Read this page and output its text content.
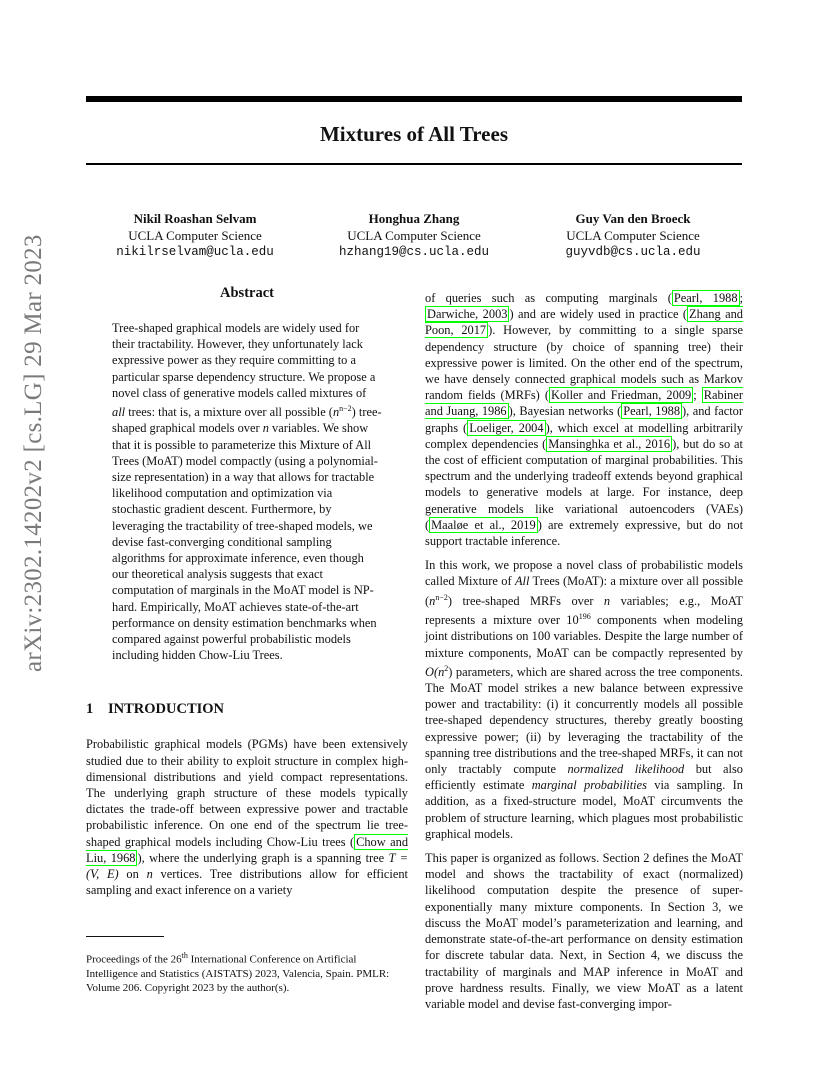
arXiv:2302.14202v2 [cs.LG] 29 Mar 2023
Mixtures of All Trees
Nikil Roashan Selvam
UCLA Computer Science
nikilrselvam@ucla.edu
Honghua Zhang
UCLA Computer Science
hzhang19@cs.ucla.edu
Guy Van den Broeck
UCLA Computer Science
guyvdb@cs.ucla.edu
Abstract
Tree-shaped graphical models are widely used for their tractability. However, they unfortunately lack expressive power as they require committing to a particular sparse dependency structure. We propose a novel class of generative models called mixtures of all trees: that is, a mixture over all possible $(n^{n-2})$ tree-shaped graphical models over n variables. We show that it is possible to parameterize this Mixture of All Trees (MoAT) model compactly (using a polynomial-size representation) in a way that allows for tractable likelihood computation and optimization via stochastic gradient descent. Furthermore, by leveraging the tractability of tree-shaped models, we devise fast-converging conditional sampling algorithms for approximate inference, even though our theoretical analysis suggests that exact computation of marginals in the MoAT model is NP-hard. Empirically, MoAT achieves state-of-the-art performance on density estimation benchmarks when compared against powerful probabilistic models including hidden Chow-Liu Trees.
1 INTRODUCTION

Probabilistic graphical models (PGMs) have been extensively studied due to their ability to exploit structure in complex high-dimensional distributions and yield compact representations. The underlying graph structure of these models typically dictates the trade-off between expressive power and tractable probabilistic inference. On one end of the spectrum lie tree-shaped graphical models including Chow-Liu trees ( Chow and Liu, 1968 ), where the underlying graph is a spanning tree T = (V, E) on n vertices. Tree distributions allow for efficient sampling and exact inference on a variety

of queries such as computing marginals ( Pearl, 1988 ; Darwiche, 2003 ) and are widely used in practice ( Zhang and Poon, 2017 ). However, by committing to a single sparse dependency structure (by choice of spanning tree) their expressive power is limited. On the other end of the spectrum, we have densely connected graphical models such as Markov random fields (MRFs) ( Koller and Friedman, 2009 ; Rabiner and Juang, 1986 ), Bayesian networks ( Pearl, 1988 ), and factor graphs ( Loeliger, 2004 ), which excel at modelling arbitrarily complex dependencies ( Mansinghka et al., 2016 ), but do so at the cost of efficient computation of marginal probabilities. This spectrum and the underlying tradeoff extends beyond graphical models to generative models at large. For instance, deep generative models like variational autoencoders (VAEs) ( Maaløe et al., 2019 ) are extremely expressive, but do not support tractable inference.

In this work, we propose a novel class of probabilistic models called Mixture of All Trees (MoAT): a mixture over all possible $(n^{n-2})$ tree-shaped MRFs over n variables; e.g., MoAT represents a mixture over $10^{196}$ components when modeling joint distributions on 100 variables. Despite the large number of mixture components, MoAT can be compactly represented by $O(n^2)$ parameters, which are shared across the tree components. The MoAT model strikes a new balance between expressive power and tractability: (i) it concurrently models all possible tree-shaped dependency structures, thereby greatly boosting expressive power; (ii) by leveraging the tractability of the spanning tree distributions and the tree-shaped MRFs, it can not only tractably compute normalized likelihood but also efficiently estimate marginal probabilities via sampling. In addition, as a fixed-structure model, MoAT circumvents the problem of structure learning, which plagues most probabilistic graphical models.

This paper is organized as follows. Section 2 defines the MoAT model and shows the tractability of exact (normalized) likelihood computation despite the presence of super-exponentially many mixture components. In Section 3, we discuss the MoAT model’s parameterization and learning, and demonstrate state-of-the-art performance on density estimation for discrete tabular data. Next, in Section 4, we discuss the tractability of marginals and MAP inference in MoAT and prove hardness results. Finally, we view MoAT as a latent variable model and devise fast-converging impor-

Proceedings of the 26th International Conference on Artificial Intelligence and Statistics (AISTATS) 2023, Valencia, Spain. PMLR: Volume 206. Copyright 2023 by the author(s).
